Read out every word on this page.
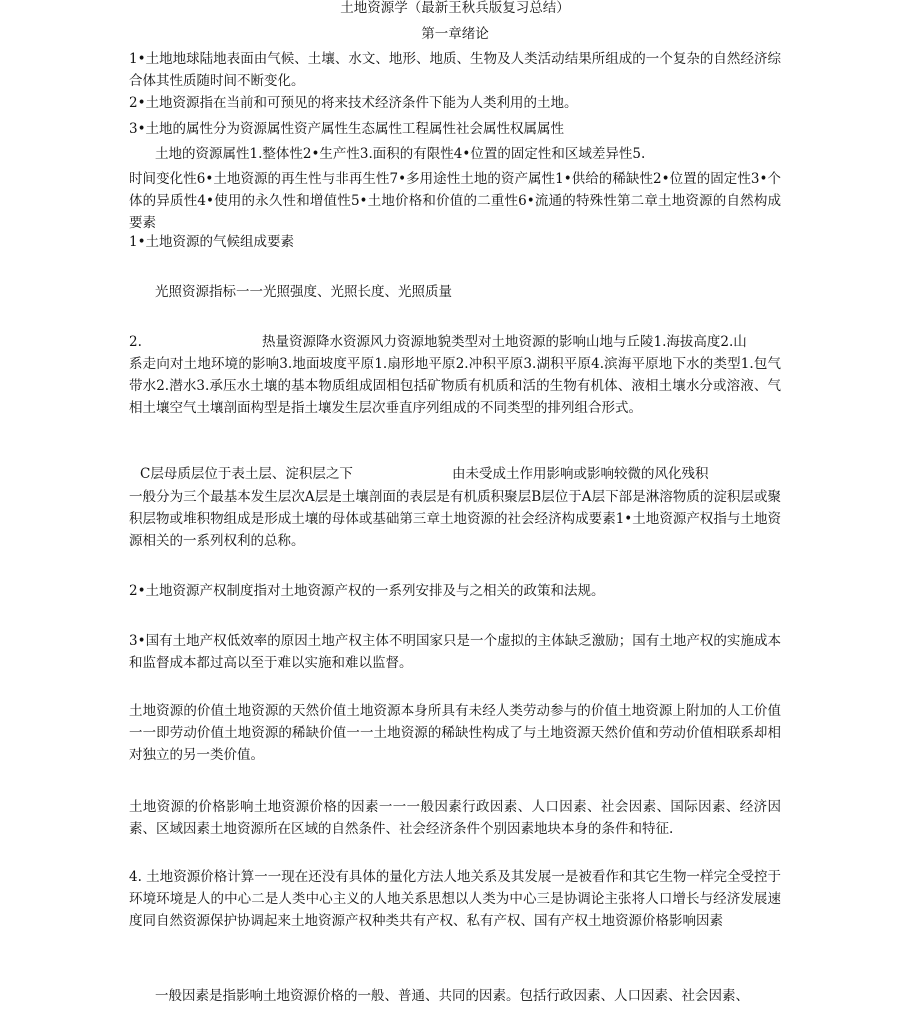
土地资源学（最新王秋兵版复习总结）
第一章绪论
1•土地地球陆地表面由气候、土壤、水文、地形、地质、生物及人类活动结果所组成的一个复杂的自然经济综合体其性质随时间不断变化。
2•土地资源指在当前和可预见的将来技术经济条件下能为人类利用的土地。
3•土地的属性分为资源属性资产属性生态属性工程属性社会属性权属属性
土地的资源属性1.整体性2•生产性3.面积的有限性4•位置的固定性和区域差异性5.
时间变化性6•土地资源的再生性与非再生性7•多用途性土地的资产属性1•供给的稀缺性2•位置的固定性3•个体的异质性4•使用的永久性和增值性5•土地价格和价值的二重性6•流通的特殊性第二章土地资源的自然构成要素
1•土地资源的气候组成要素
光照资源指标一一光照强度、光照长度、光照质量
2.	热量资源降水资源风力资源地貌类型对土地资源的影响山地与丘陵1.海拔高度2.山
系走向对土地环境的影响3.地面坡度平原1.扇形地平原2.冲积平原3.湖积平原4.滨海平原地下水的类型1.包气带水2.潜水3.承压水土壤的基本物质组成固相包括矿物质有机质和活的生物有机体、液相土壤水分或溶液、气相土壤空气土壤剖面构型是指土壤发生层次垂直序列组成的不同类型的排列组合形式。
C层母质层位于表土层、淀积层之下	由未受成土作用影响或影响较微的风化残积
一般分为三个最基本发生层次A层是土壤剖面的表层是有机质积聚层B层位于A层下部是淋溶物质的淀积层或聚积层物或堆积物组成是形成土壤的母体或基础第三章土地资源的社会经济构成要素1•土地资源产权指与土地资源相关的一系列权利的总称。
2•土地资源产权制度指对土地资源产权的一系列安排及与之相关的政策和法规。
3•国有土地产权低效率的原因土地产权主体不明国家只是一个虚拟的主体缺乏激励；国有土地产权的实施成本和监督成本都过高以至于难以实施和难以监督。
土地资源的价值土地资源的天然价值土地资源本身所具有未经人类劳动参与的价值土地资源上附加的人工价值一一即劳动价值土地资源的稀缺价值一一土地资源的稀缺性构成了与土地资源天然价值和劳动价值相联系却相对独立的另一类价值。
土地资源的价格影响土地资源价格的因素一一一般因素行政因素、人口因素、社会因素、国际因素、经济因素、区域因素土地资源所在区域的自然条件、社会经济条件个别因素地块本身的条件和特征.
4. 土地资源价格计算一一现在还没有具体的量化方法人地关系及其发展一是被看作和其它生物一样完全受控于环境环境是人的中心二是人类中心主义的人地关系思想以人类为中心三是协调论主张将人口增长与经济发展速度同自然资源保护协调起来土地资源产权种类共有产权、私有产权、国有产权土地资源价格影响因素
一般因素是指影响土地资源价格的一般、普通、共同的因素。包括行政因素、人口因素、社会因素、
